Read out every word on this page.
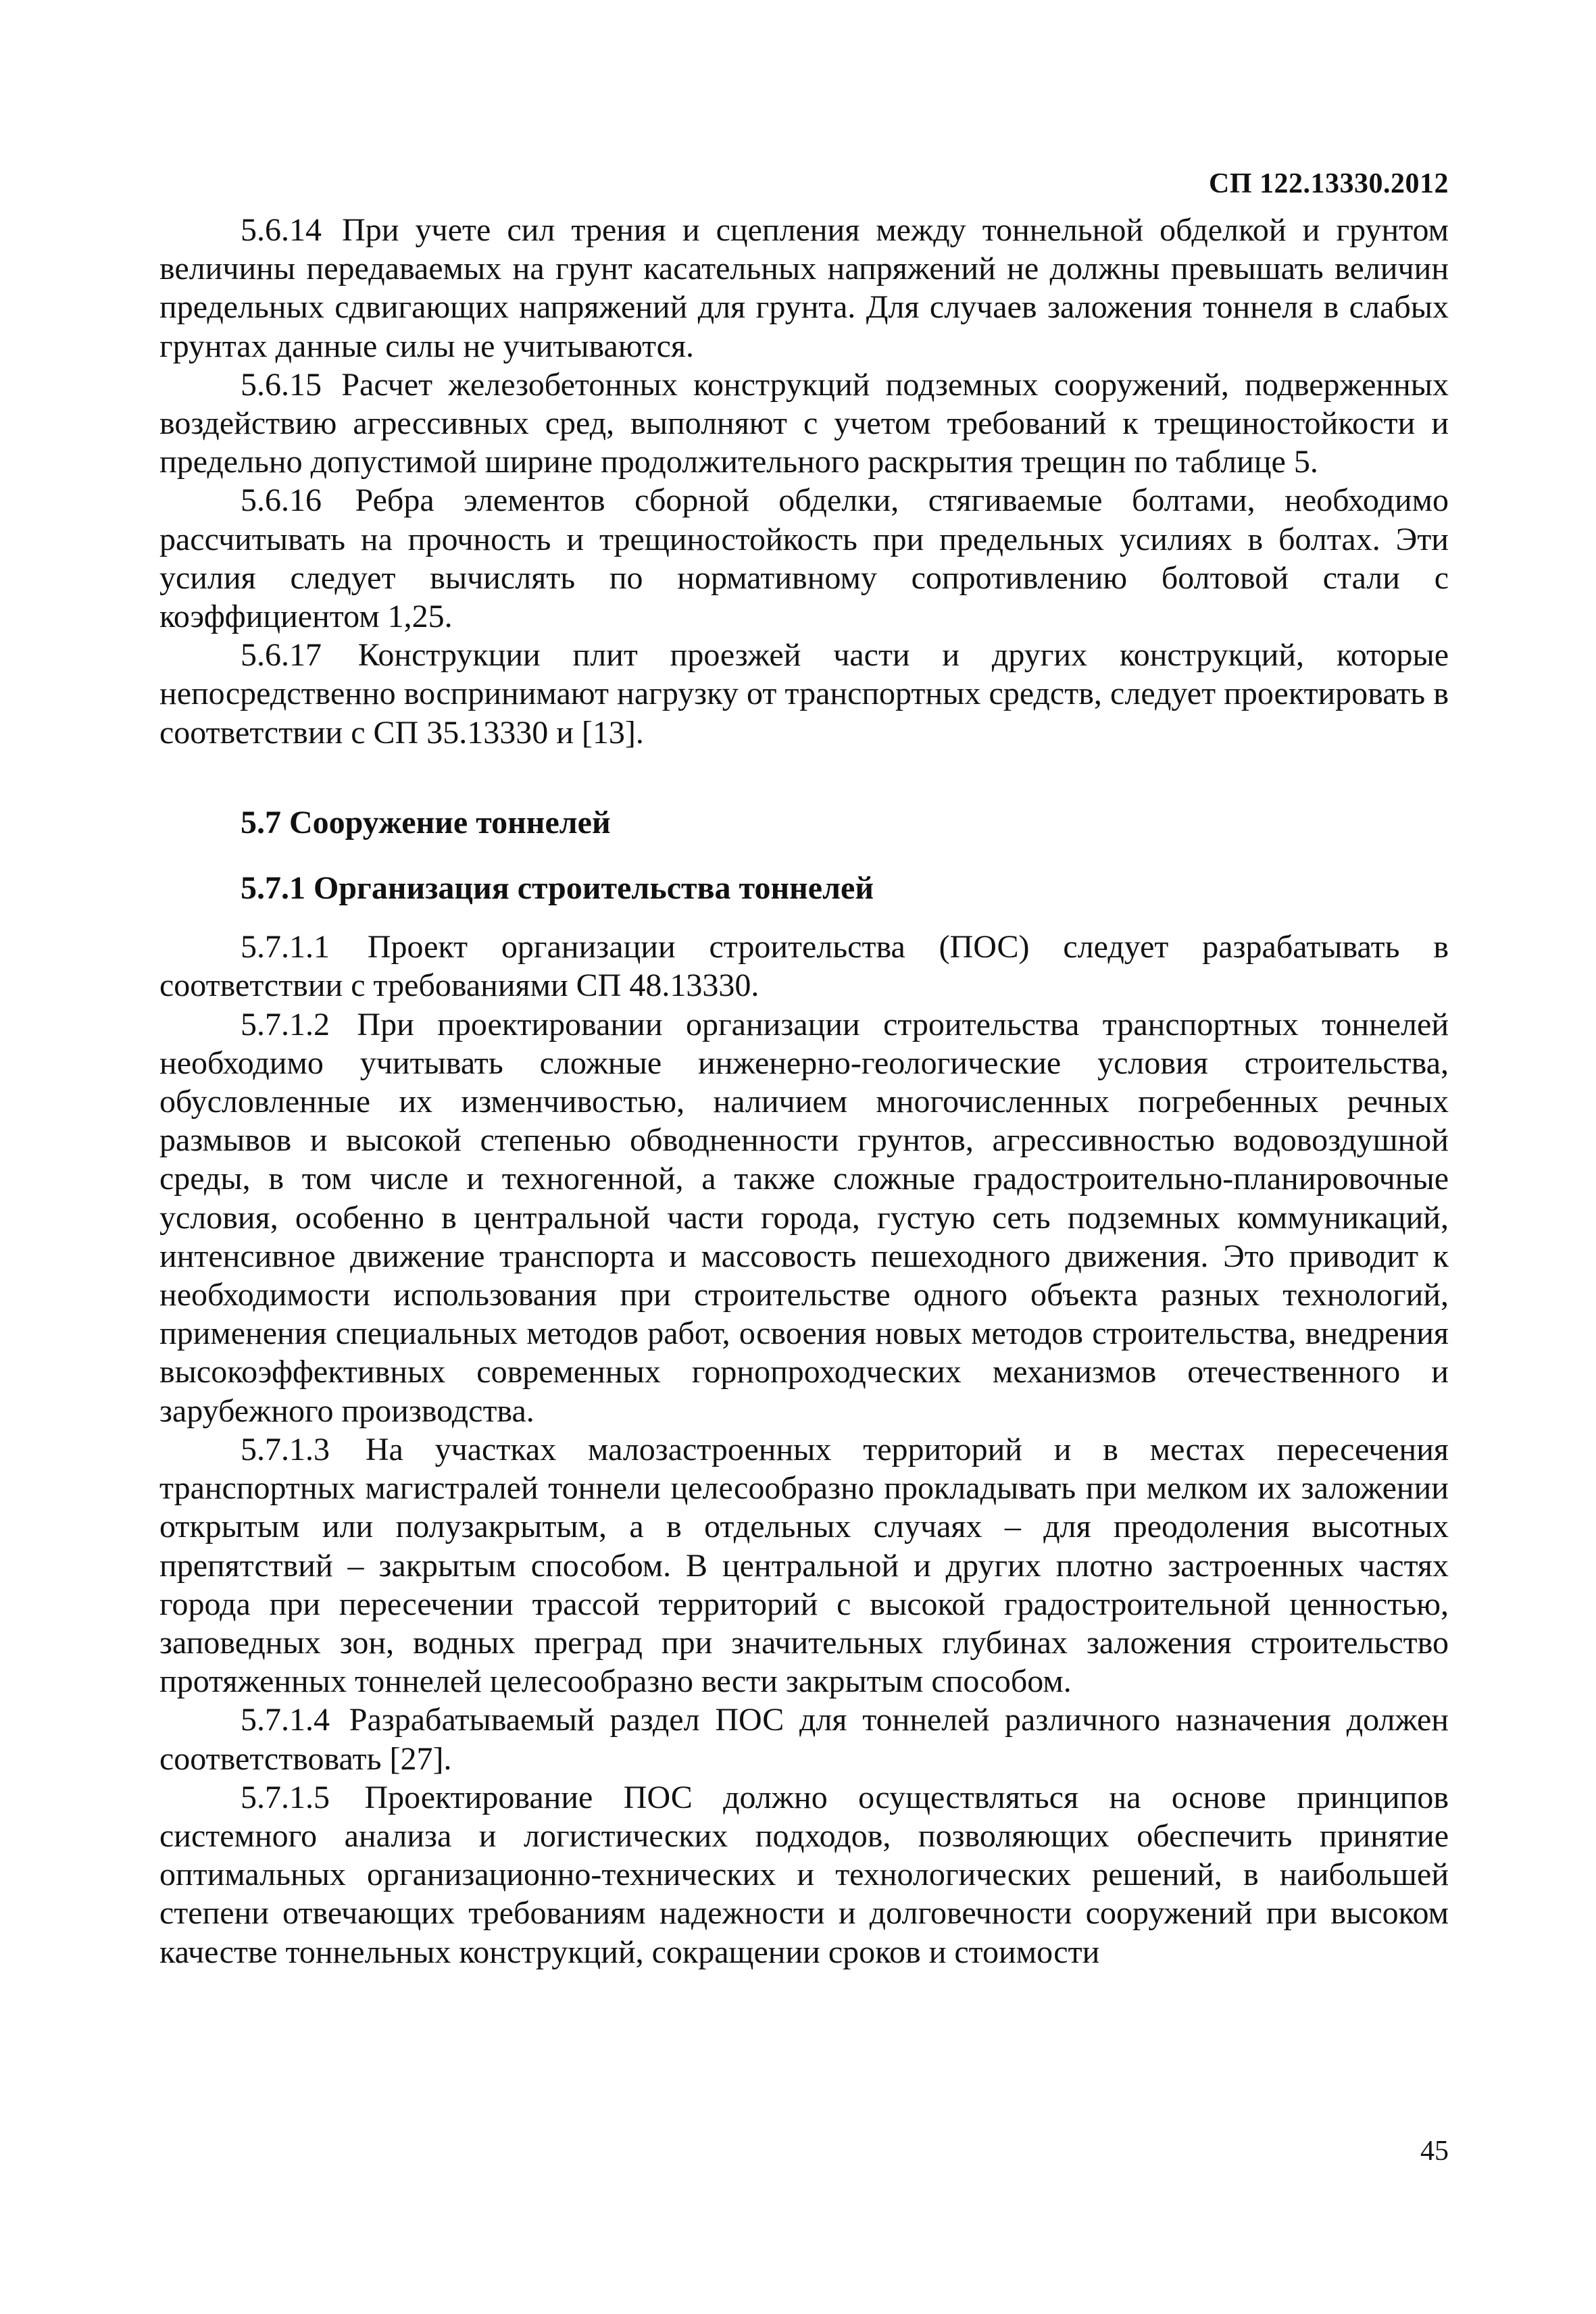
СП 122.13330.2012

5.6.14 При учете сил трения и сцепления между тоннельной обделкой и грунтом величины передаваемых на грунт касательных напряжений не должны превышать величин предельных сдвигающих напряжений для грунта. Для случаев заложения тоннеля в слабых грунтах данные силы не учитываются.

5.6.15 Расчет железобетонных конструкций подземных сооружений, подверженных воздействию агрессивных сред, выполняют с учетом требований к трещиностойкости и предельно допустимой ширине продолжительного раскрытия трещин по таблице 5.

5.6.16 Ребра элементов сборной обделки, стягиваемые болтами, необходимо рассчитывать на прочность и трещиностойкость при предельных усилиях в болтах. Эти усилия следует вычислять по нормативному сопротивлению болтовой стали с коэффициентом 1,25.

5.6.17 Конструкции плит проезжей части и других конструкций, которые непосредственно воспринимают нагрузку от транспортных средств, следует проектировать в соответствии с СП 35.13330 и [13].

5.7 Сооружение тоннелей
5.7.1 Организация строительства тоннелей

5.7.1.1 Проект организации строительства (ПОС) следует разрабатывать в соответствии с требованиями СП 48.13330.

5.7.1.2 При проектировании организации строительства транспортных тоннелей необходимо учитывать сложные инженерно-геологические условия строительства, обусловленные их изменчивостью, наличием многочисленных погребенных речных размывов и высокой степенью обводненности грунтов, агрессивностью водовоздушной среды, в том числе и техногенной, а также сложные градостроительно-планировочные условия, особенно в центральной части города, густую сеть подземных коммуникаций, интенсивное движение транспорта и массовость пешеходного движения. Это приводит к необходимости использования при строительстве одного объекта разных технологий, применения специальных методов работ, освоения новых методов строительства, внедрения высокоэффективных современных горнопроходческих механизмов отечественного и зарубежного производства.

5.7.1.3 На участках малозастроенных территорий и в местах пересечения транспортных магистралей тоннели целесообразно прокладывать при мелком их заложении открытым или полузакрытым, а в отдельных случаях – для преодоления высотных препятствий – закрытым способом. В центральной и других плотно застроенных частях города при пересечении трассой территорий с высокой градостроительной ценностью, заповедных зон, водных преград при значительных глубинах заложения строительство протяженных тоннелей целесообразно вести закрытым способом.

5.7.1.4 Разрабатываемый раздел ПОС для тоннелей различного назначения должен соответствовать [27].

5.7.1.5 Проектирование ПОС должно осуществляться на основе принципов системного анализа и логистических подходов, позволяющих обеспечить принятие оптимальных организационно-технических и технологических решений, в наибольшей степени отвечающих требованиям надежности и долговечности сооружений при высоком качестве тоннельных конструкций, сокращении сроков и стоимости

45
